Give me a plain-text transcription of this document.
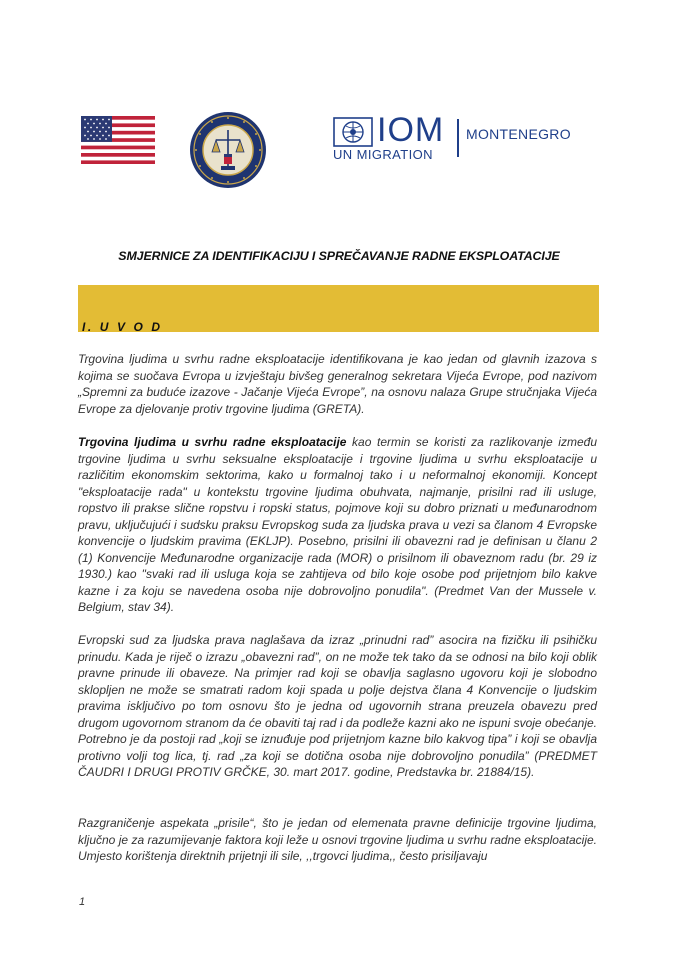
IOM
UN MIGRATION
MONTENEGRO
SMJERNICE ZA IDENTIFIKACIJU I SPREČAVANJE RADNE EKSPLOATACIJE
I. U V O D

Trgovina ljudima u svrhu radne eksploatacije identifikovana je kao jedan od glavnih izazova s kojima se suočava Evropa u izvještaju bivšeg generalnog sekretara Vijeća Evrope, pod nazivom „Spremni za buduće izazove - Jačanje Vijeća Evrope”, na osnovu nalaza Grupe stručnjaka Vijeća Evrope za djelovanje protiv trgovine ljudima (GRETA).

Trgovina ljudima u svrhu radne eksploatacije kao termin se koristi za razlikovanje između trgovine ljudima u svrhu seksualne eksploatacije i trgovine ljudima u svrhu eksploatacije u različitim ekonomskim sektorima, kako u formalnoj tako i u neformalnoj ekonomiji. Koncept "eksploatacije rada" u kontekstu trgovine ljudima obuhvata, najmanje, prisilni rad ili usluge, ropstvo ili prakse slične ropstvu i ropski status, pojmove koji su dobro priznati u međunarodnom pravu, uključujući i sudsku praksu Evropskog suda za ljudska prava u vezi sa članom 4 Evropske konvencije o ljudskim pravima (EKLJP). Posebno, prisilni ili obavezni rad je definisan u članu 2 (1) Konvencije Međunarodne organizacije rada (MOR) o prisilnom ili obaveznom radu (br. 29 iz 1930.) kao "svaki rad ili usluga koja se zahtijeva od bilo koje osobe pod prijetnjom bilo kakve kazne i za koju se navedena osoba nije dobrovoljno ponudila". (Predmet Van der Mussele v. Belgium, stav 34).

Evropski sud za ljudska prava naglašava da izraz „prinudni rad” asocira na fizičku ili psihičku prinudu. Kada je riječ o izrazu „obavezni rad”, on ne može tek tako da se odnosi na bilo koji oblik pravne prinude ili obaveze. Na primjer rad koji se obavlja saglasno ugovoru koji je slobodno sklopljen ne može se smatrati radom koji spada u polje dejstva člana 4 Konvencije o ljudskim pravima isključivo po tom osnovu što je jedna od ugovornih strana preuzela obavezu pred drugom ugovornom stranom da će obaviti taj rad i da podleže kazni ako ne ispuni svoje obećanje. Potrebno je da postoji rad „koji se iznuđuje pod prijetnjom kazne bilo kakvog tipa” i koji se obavlja protivno volji tog lica, tj. rad „za koji se dotična osoba nije dobrovoljno ponudila” (PREDMET ČAUDRI I DRUGI PROTIV GRČKE, 30. mart 2017. godine, Predstavka br. 21884/15).

Razgraničenje aspekata „prisile“, što je jedan od elemenata pravne definicije trgovine ljudima, ključno je za razumijevanje faktora koji leže u osnovi trgovine ljudima u svrhu radne eksploatacije. Umjesto korištenja direktnih prijetnji ili sile, ,,trgovci ljudima,, često prisiljavaju

1
